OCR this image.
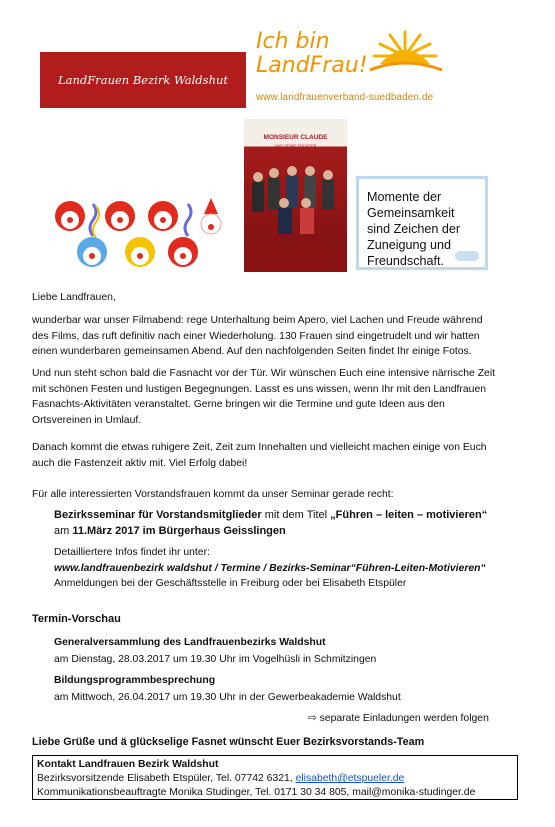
LandFrauen Bezirk Waldshut
Ich bin
LandFrau!
www.landfrauenverband-suedbaden.de
MONSIEUR CLAUDE
UND SEINE TÖCHTER
Momente der
Gemeinsamkeit
sind Zeichen der
Zuneigung und
Freundschaft.
Liebe Landfrauen,
wunderbar war unser Filmabend: rege Unterhaltung beim Apero, viel Lachen und Freude während
des Films, das ruft definitiv nach einer Wiederholung. 130 Frauen sind eingetrudelt und wir hatten
einen wunderbaren gemeinsamen Abend. Auf den nachfolgenden Seiten findet Ihr einige Fotos.
Und nun steht schon bald die Fasnacht vor der Tür. Wir wünschen Euch eine intensive närrische Zeit
mit schönen Festen und lustigen Begegnungen. Lasst es uns wissen, wenn Ihr mit den Landfrauen
Fasnachts-Aktivitäten veranstaltet. Gerne bringen wir die Termine und gute Ideen aus den
Ortsvereinen in Umlauf.
Danach kommt die etwas ruhigere Zeit, Zeit zum Innehalten und vielleicht machen einige von Euch
auch die Fastenzeit aktiv mit. Viel Erfolg dabei!
Für alle interessierten Vorstandsfrauen kommt da unser Seminar gerade recht:
Bezirksseminar für Vorstandsmitglieder mit dem Titel „Führen – leiten – motivieren“
am 11.März 2017 im Bürgerhaus Geisslingen
Detailliertere Infos findet ihr unter:
www.landfrauenbezirk waldshut / Termine / Bezirks-Seminar“Führen-Leiten-Motivieren“
Anmeldungen bei der Geschäftsstelle in Freiburg oder bei Elisabeth Etspüler
Termin-Vorschau
Generalversammlung des Landfrauenbezirks Waldshut
am Dienstag, 28.03.2017 um 19.30 Uhr im Vogelhüsli in Schmitzingen
Bildungsprogrammbesprechung
am Mittwoch, 26.04.2017 um 19.30 Uhr in der Gewerbeakademie Waldshut
⇨ separate Einladungen werden folgen
Liebe Grüße und ä glückselige Fasnet wünscht Euer Bezirksvorstands-Team
Kontakt Landfrauen Bezirk Waldshut
Bezirksvorsitzende Elisabeth Etspüler, Tel. 07742 6321, elisabeth@etspueler.de
Kommunikationsbeauftragte Monika Studinger, Tel. 0171 30 34 805, mail@monika-studinger.de
